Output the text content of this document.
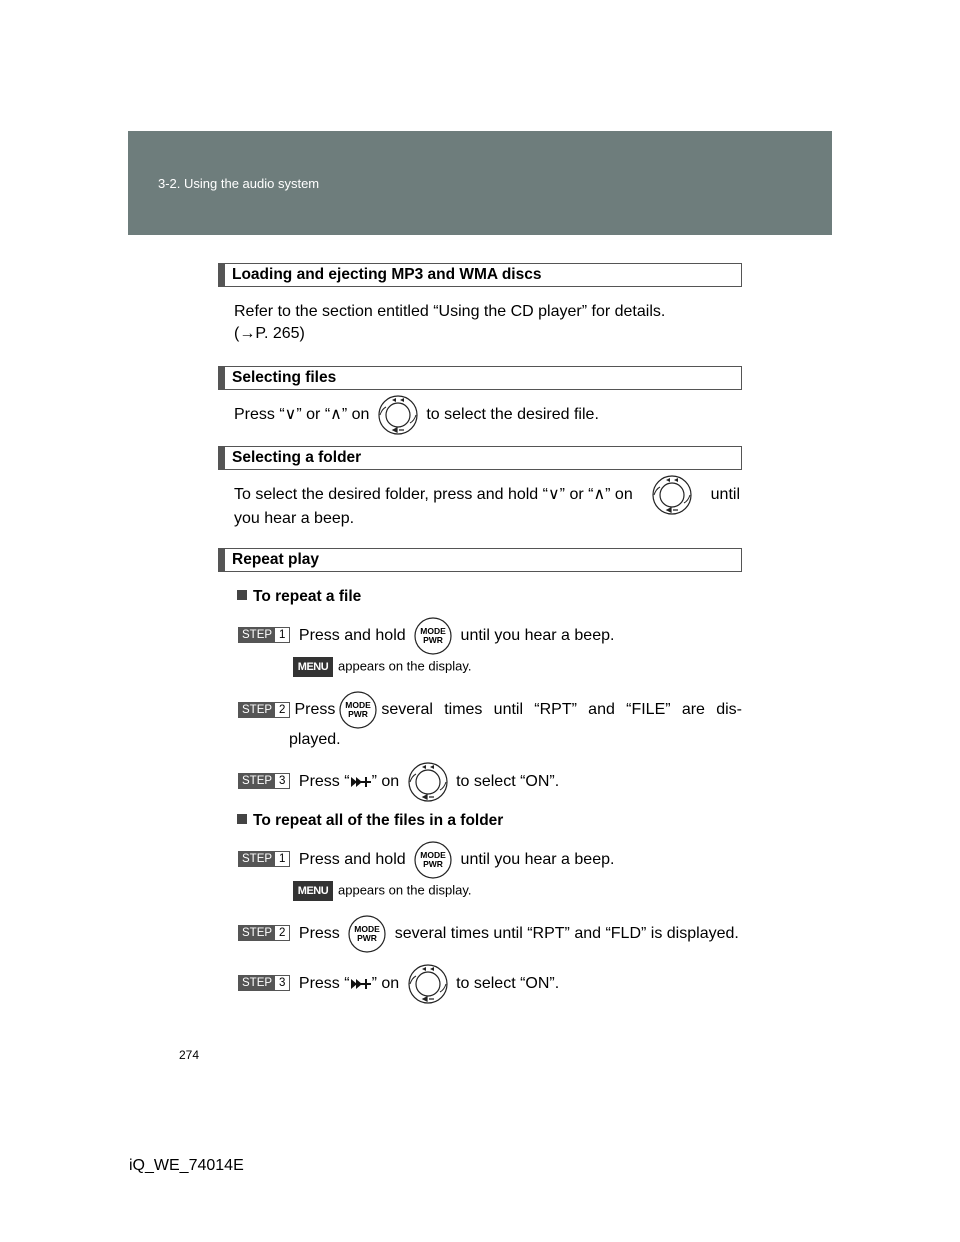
3-2. Using the audio system
Loading and ejecting MP3 and WMA discs
Refer to the section entitled “Using the CD player” for details.
(→P. 265)
Selecting files
Press “∨” or “∧” on	to select the desired file.
Selecting a folder
To select the desired folder, press and hold “∨” or “∧” on	until
you hear a beep.
Repeat play
To repeat a file
STEP 1 Press and hold MODE
PWR until you hear a beep.
MENU appears on the display.
STEP 2 Press MODE
PWR several times until “RPT” and “FILE” are dis-
played.
STEP 3 Press “ ” on	to select “ON”.
To repeat all of the files in a folder
STEP 1 Press and hold MODE
PWR until you hear a beep.
MENU appears on the display.
STEP 2 Press MODE
PWR several times until “RPT” and “FLD” is displayed.
STEP 3 Press “ ” on	to select “ON”.
274
iQ_WE_74014E
